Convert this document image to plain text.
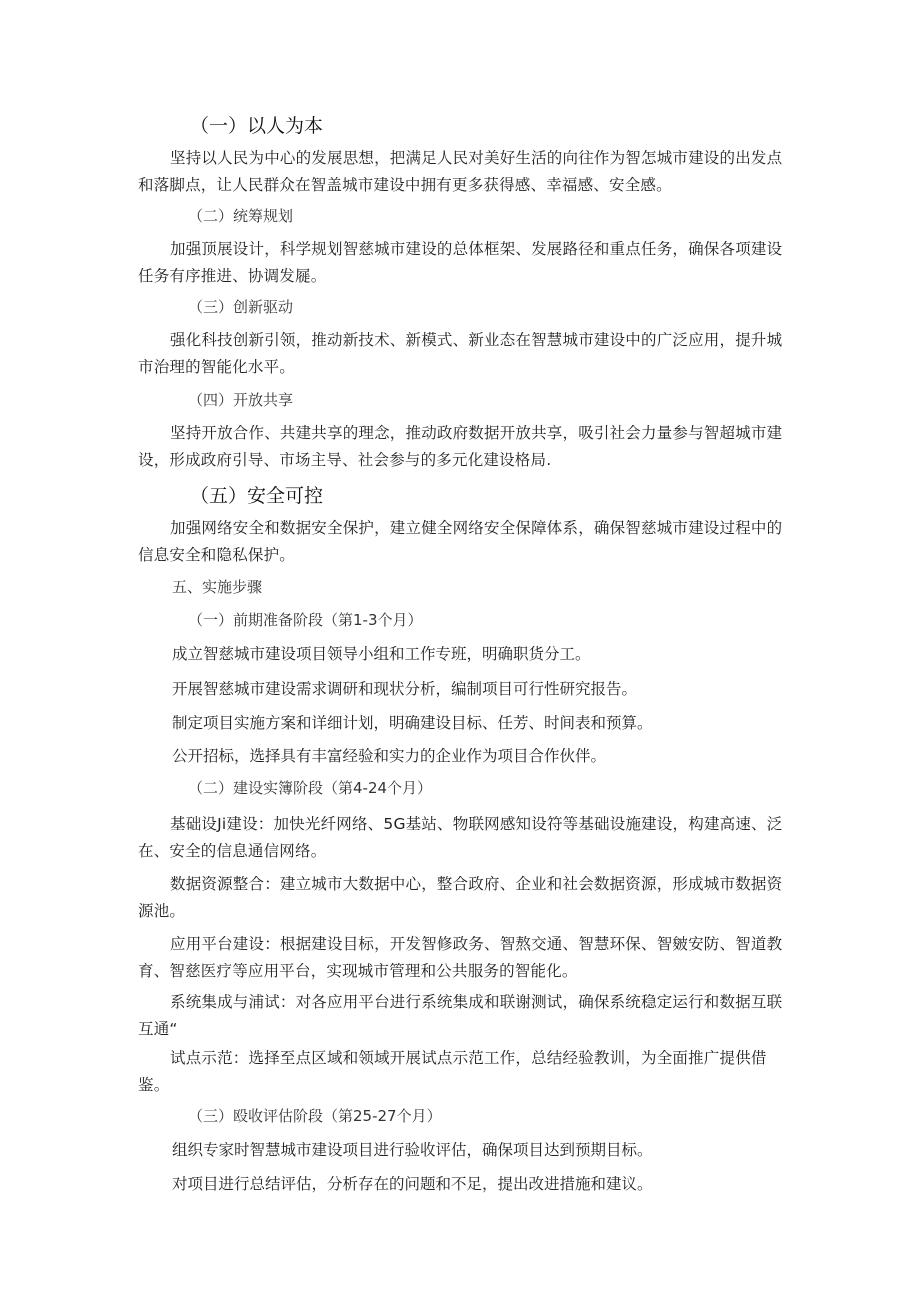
（一）以人为本
坚持以人民为中心的发展思想，把满足人民对美好生活的向往作为智怎城市建设的出发点和落脚点，让人民群众在智盖城市建设中拥有更多获得感、幸福感、安全感。
（二）统筹规划
加强顶展设计，科学规划智慈城市建设的总体框架、发展路径和重点任务，确保各项建设任务有序推进、协调发屣。
（三）创新驱动
强化科技创新引领，推动新技术、新模式、新业态在智慧城市建设中的广泛应用，提升城市治理的智能化水平。
（四）开放共享
坚持开放合作、共建共享的理念，推动政府数据开放共享，吸引社会力量参与智超城市建设，形成政府引导、市场主导、社会参与的多元化建设格局.
（五）安全可控
加强网络安全和数据安全保护，建立健全网络安全保障体系，确保智慈城市建设过程中的信息安全和隐私保护。
五、实施步骤
（一）前期准备阶段（第1-3个月）
成立智慈城市建设项目领导小组和工作专班，明确职货分工。
开展智慈城市建设需求调研和现状分析，编制项目可行性研究报告。
制定项目实施方案和详细计划，明确建设目标、任芳、时间表和预算。
公开招标，选择具有丰富经验和实力的企业作为项目合作伙伴。
（二）建设实簿阶段（第4-24个月）
基础设Ji建设：加快光纤网络、5G基站、物联网感知设符等基础设施建设，构建高速、泛在、安全的信息通信网络。
数据资源整合：建立城市大数据中心，整合政府、企业和社会数据资源，形成城市数据资源池。
应用平台建设：根据建设目标，开发智修政务、智熬交通、智慧环保、智皴安防、智道教育、智慈医疗等应用平台，实现城市管理和公共服务的智能化。
系统集成与浦试：对各应用平台进行系统集成和联谢测试，确保系统稳定运行和数据互联互通“
试点示范：选择至点区域和领域开展试点示范工作，总结经验教训，为全面推广提供借鉴。
（三）殴收评估阶段（第25-27个月）
组织专家时智慧城市建设项目进行验收评估，确保项目达到预期目标。
对项目进行总结评估，分析存在的问题和不足，提出改进措施和建议。
